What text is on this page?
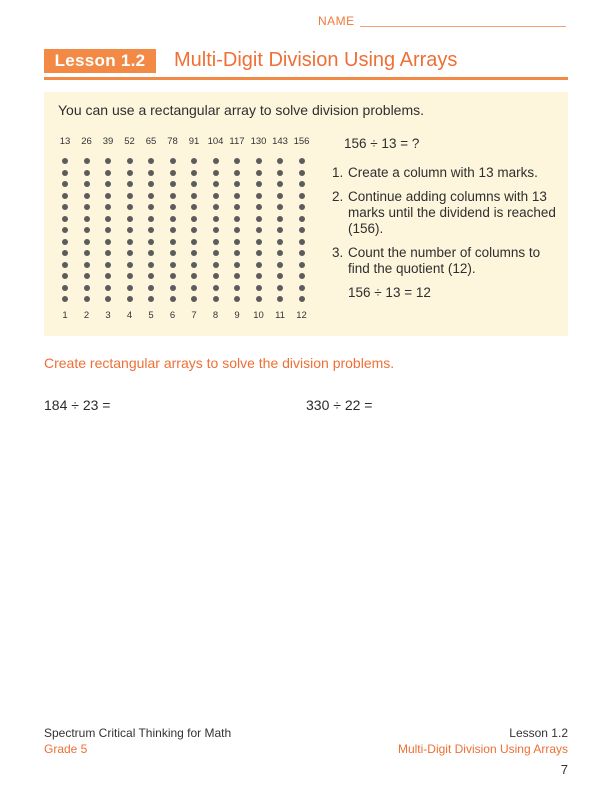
NAME
Lesson 1.2	Multi-Digit Division Using Arrays
You can use a rectangular array to solve division problems.
13	26	39	52	65	78	91 104 117 130 143 156
1	2	3	4	5	6	7	8	9	10	11	12
156 ÷ 13 = ?
1. Create a column with 13 marks.
2. Continue adding columns with 13 marks until the dividend is reached (156).
3. Count the number of columns to find the quotient (12).
156 ÷ 13 = 12
Create rectangular arrays to solve the division problems.
184 ÷ 23 =	330 ÷ 22 =
Spectrum Critical Thinking for Math
Grade 5
Lesson 1.2
Multi-Digit Division Using Arrays
7
